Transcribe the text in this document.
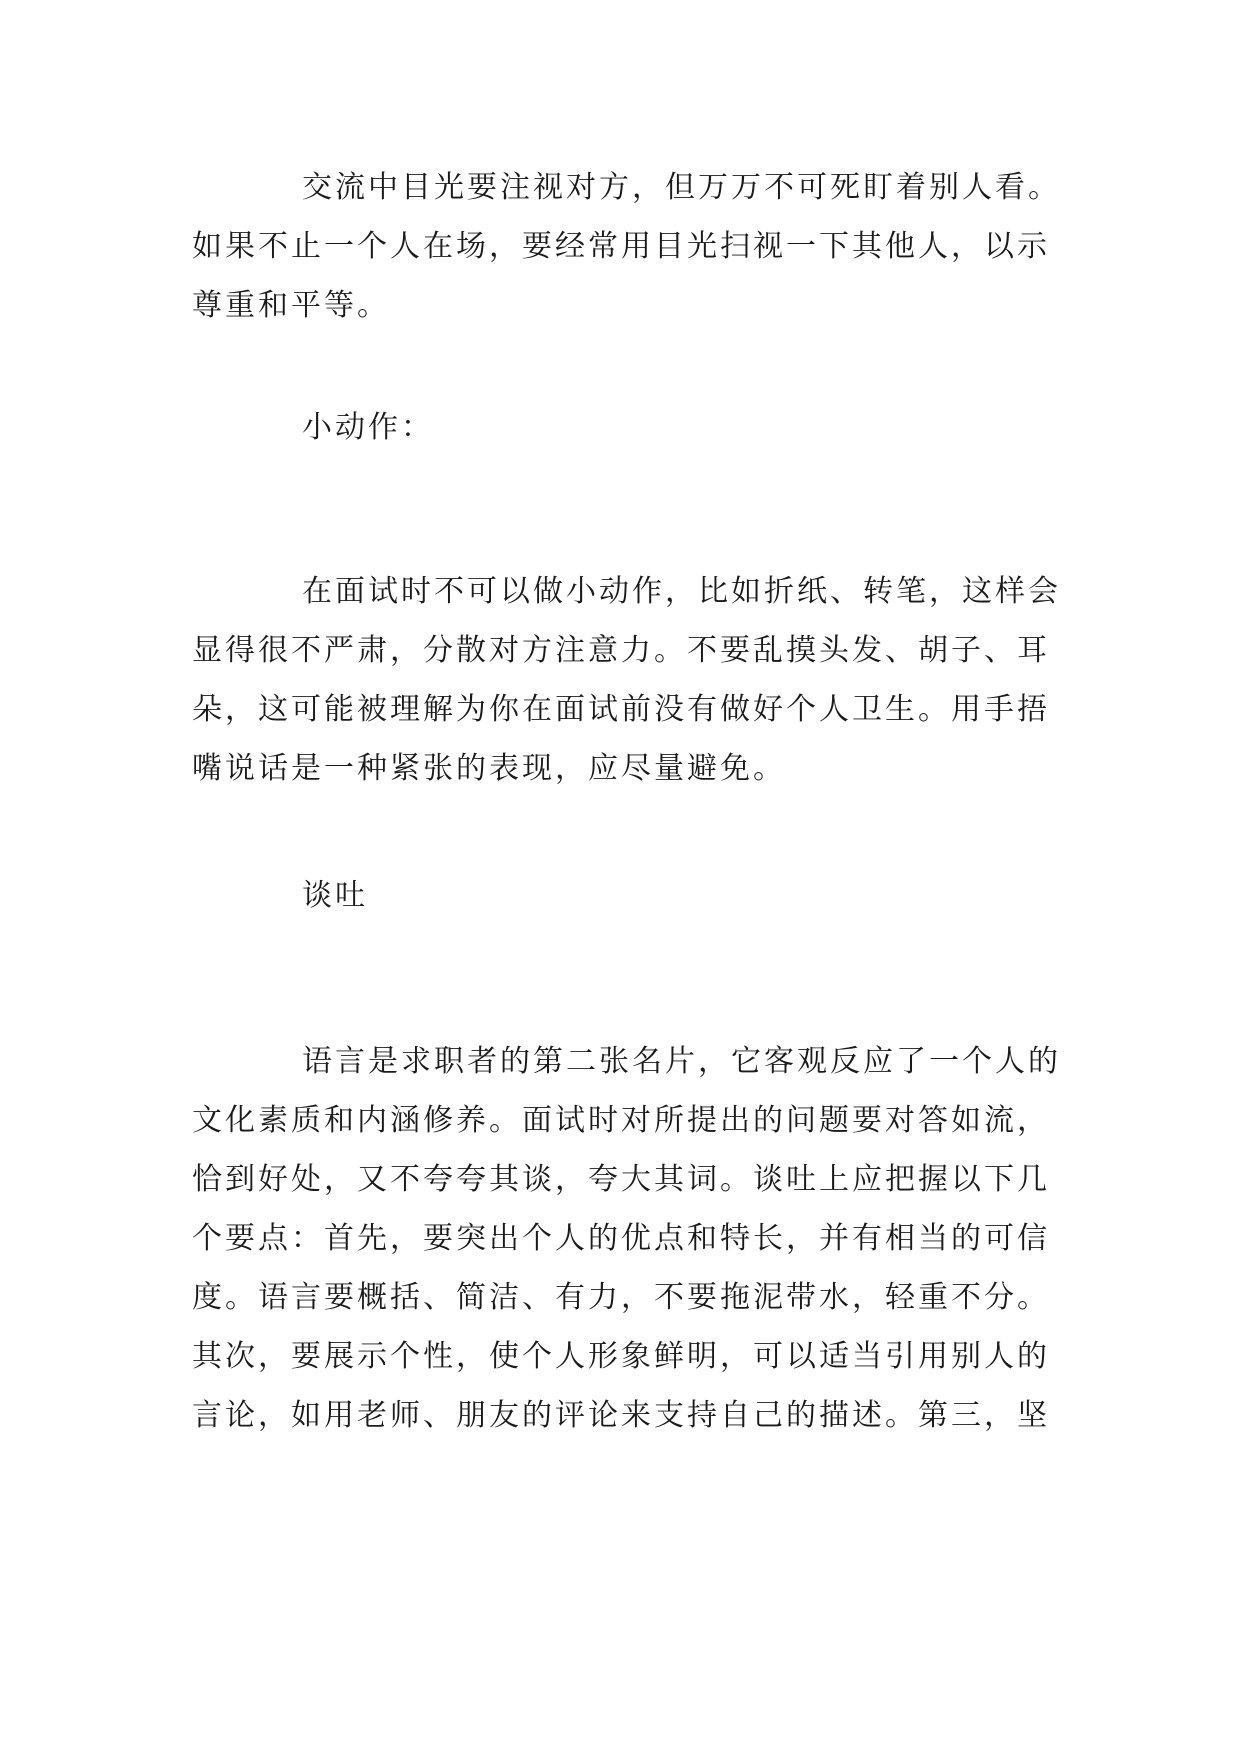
交流中目光要注视对方，但万万不可死盯着别人看。
如果不止一个人在场，要经常用目光扫视一下其他人，以示
尊重和平等。
小动作：
在面试时不可以做小动作，比如折纸、转笔，这样会
显得很不严肃，分散对方注意力。不要乱摸头发、胡子、耳
朵，这可能被理解为你在面试前没有做好个人卫生。用手捂
嘴说话是一种紧张的表现，应尽量避免。
谈吐
语言是求职者的第二张名片，它客观反应了一个人的
文化素质和内涵修养。面试时对所提出的问题要对答如流，
恰到好处，又不夸夸其谈，夸大其词。谈吐上应把握以下几
个要点：首先，要突出个人的优点和特长，并有相当的可信
度。语言要概括、简洁、有力，不要拖泥带水，轻重不分。
其次，要展示个性，使个人形象鲜明，可以适当引用别人的
言论，如用老师、朋友的评论来支持自己的描述。第三，坚
